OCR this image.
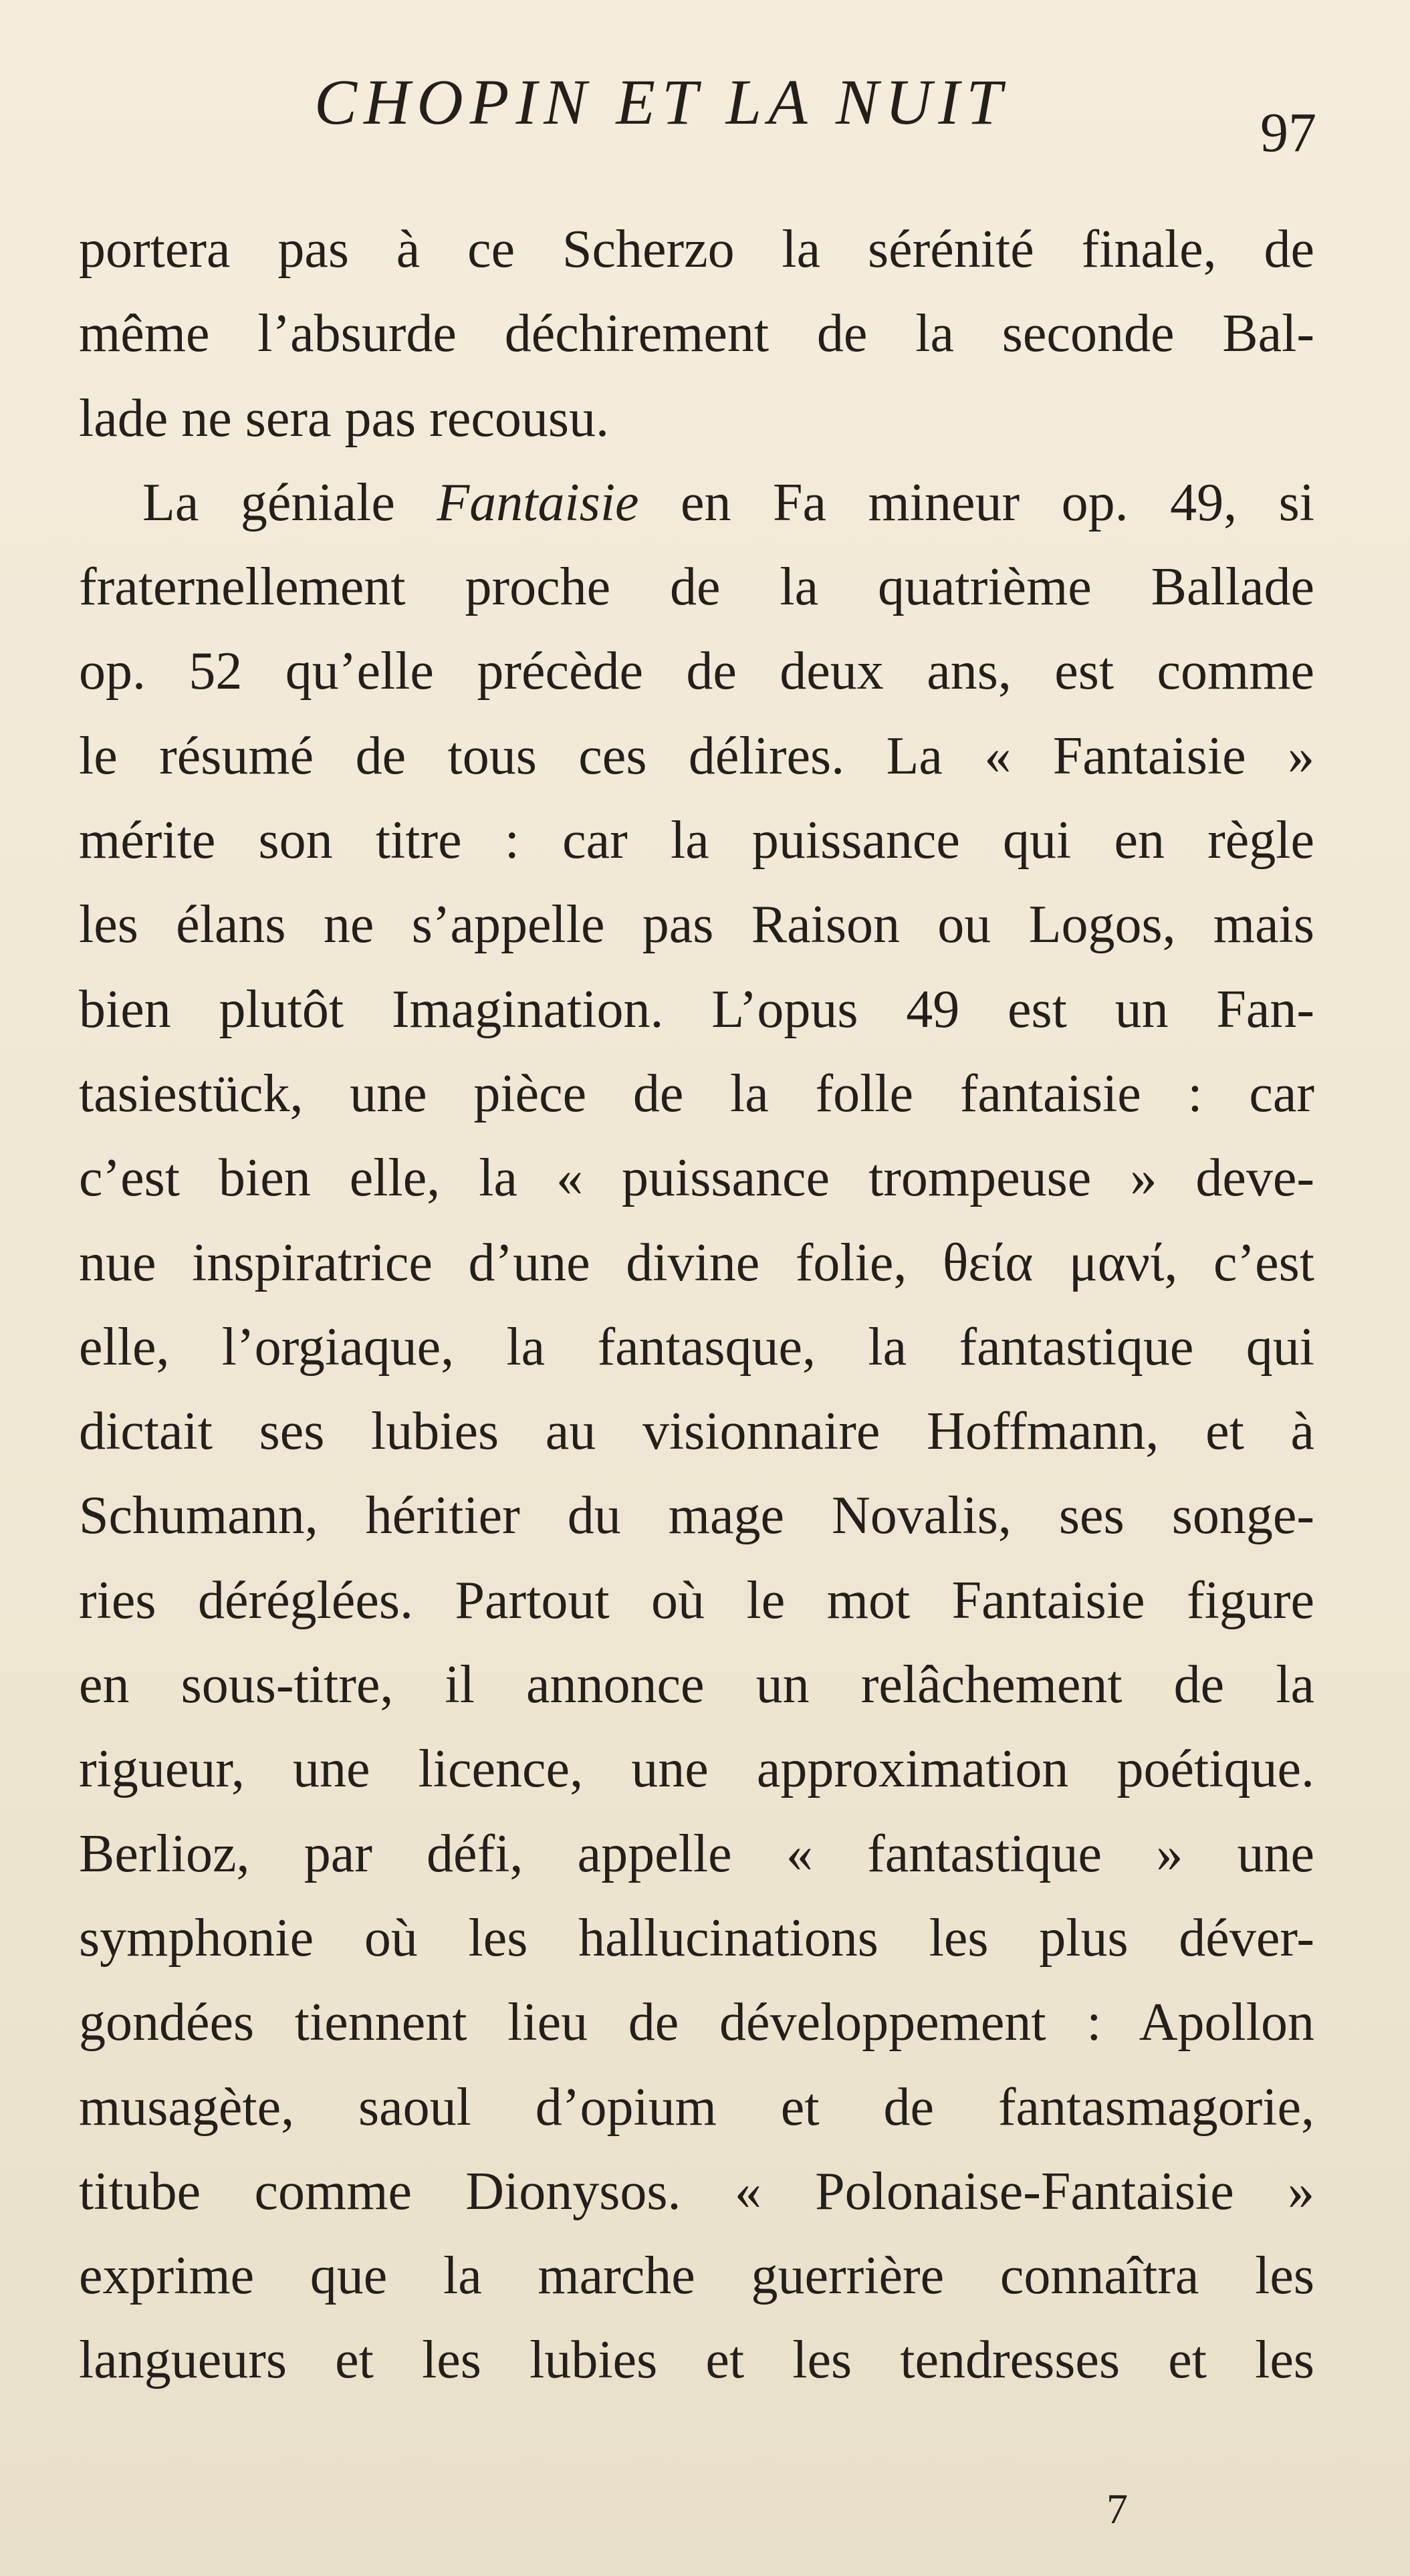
CHOPIN ET LA NUIT	97
portera pas à ce Scherzo la sérénité finale, de
même l’absurde déchirement de la seconde Bal-
lade ne sera pas recousu.
La géniale Fantaisie en Fa mineur op. 49, si
fraternellement proche de la quatrième Ballade
op. 52 qu’elle précède de deux ans, est comme
le résumé de tous ces délires. La « Fantaisie »
mérite son titre : car la puissance qui en règle
les élans ne s’appelle pas Raison ou Logos, mais
bien plutôt Imagination. L’opus 49 est un Fan-
tasiestück, une pièce de la folle fantaisie : car
c’est bien elle, la « puissance trompeuse » deve-
nue inspiratrice d’une divine folie, θεία μανί, c’est
elle, l’orgiaque, la fantasque, la fantastique qui
dictait ses lubies au visionnaire Hoffmann, et à
Schumann, héritier du mage Novalis, ses songe-
ries déréglées. Partout où le mot Fantaisie figure
en sous-titre, il annonce un relâchement de la
rigueur, une licence, une approximation poétique.
Berlioz, par défi, appelle « fantastique » une
symphonie où les hallucinations les plus déver-
gondées tiennent lieu de développement : Apollon
musagète, saoul d’opium et de fantasmagorie,
titube comme Dionysos. « Polonaise-Fantaisie »
exprime que la marche guerrière connaîtra les
langueurs et les lubies et les tendresses et les
7
